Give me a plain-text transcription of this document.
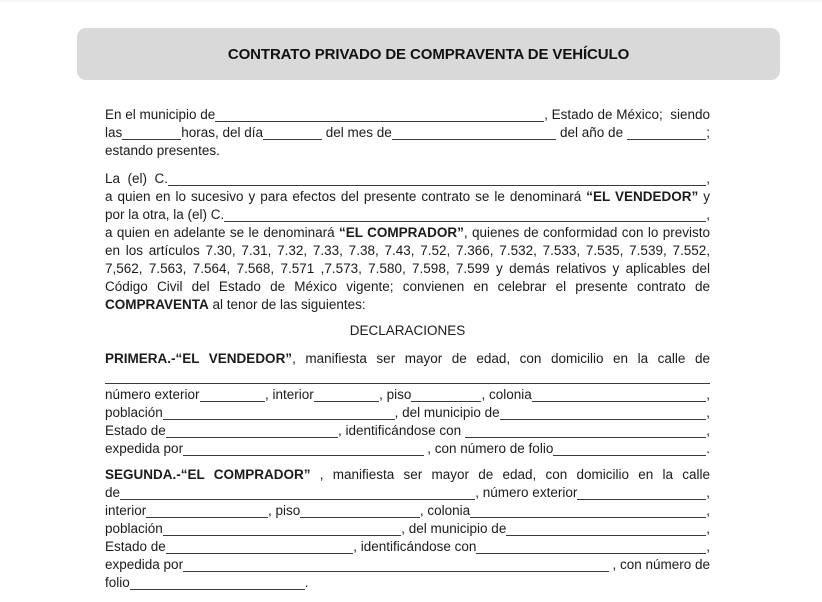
CONTRATO PRIVADO DE COMPRAVENTA DE VEHÍCULO
En el municipio de	, Estado de México;  siendo
las	horas, del día	del mes de	del año de	;
estando presentes.
La  (el)  C.	,
a quien en lo sucesivo y para efectos del presente contrato se le denominará “EL VENDEDOR” y
por la otra, la (el) C.	,
a quien en adelante se le denominará “EL COMPRADOR”, quienes de conformidad con lo previsto
en los artículos 7.30, 7.31, 7.32, 7.33, 7.38, 7.43, 7.52, 7.366, 7.532, 7.533, 7.535, 7.539, 7.552,
7,562, 7.563, 7.564, 7.568, 7.571 ,7.573, 7.580, 7.598, 7.599 y demás relativos y aplicables del
Código Civil del Estado de México vigente; convienen en celebrar el presente contrato de
COMPRAVENTA al tenor de las siguientes:
DECLARACIONES
PRIMERA.-“EL VENDEDOR”, manifiesta ser mayor de edad, con domicilio en la calle de
número exterior	, interior	, piso	, colonia	,
población	, del municipio de	,
Estado de	, identificándose con	,
expedida por	, con número de folio	.
SEGUNDA.-“EL COMPRADOR” , manifiesta ser mayor de edad, con domicilio en la calle
de	, número exterior	,
interior	, piso	, colonia	,
población	, del municipio de	,
Estado de	, identificándose con	,
expedida por	, con número de
folio	.
